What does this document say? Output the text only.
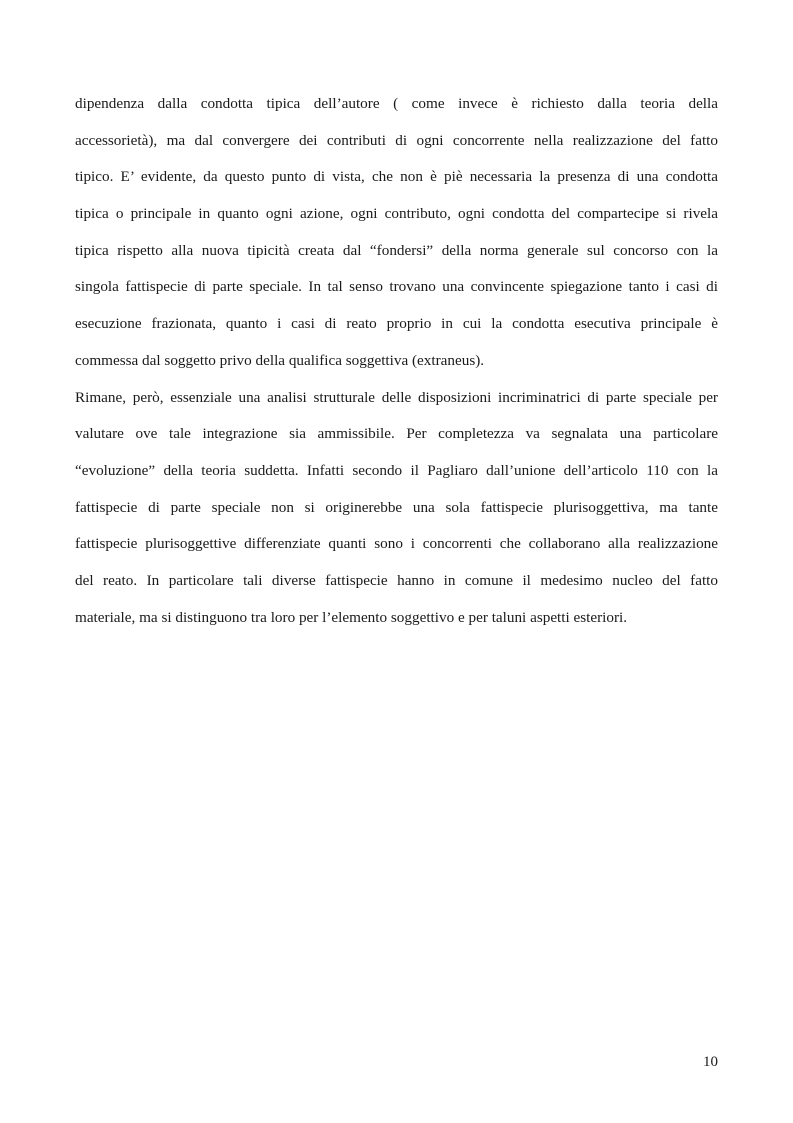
dipendenza dalla condotta tipica dell’autore ( come invece è richiesto dalla teoria della
accessorietà), ma dal convergere dei contributi di ogni concorrente nella realizzazione del fatto
tipico. E’ evidente, da questo punto di vista, che non è piè necessaria la presenza di una condotta
tipica o principale in quanto ogni azione, ogni contributo, ogni condotta del compartecipe si rivela
tipica rispetto alla nuova tipicità creata dal “fondersi” della norma generale sul concorso con la
singola fattispecie di parte speciale. In tal senso trovano una convincente spiegazione tanto i casi di
esecuzione frazionata, quanto i casi di reato proprio in cui la condotta esecutiva principale è
commessa dal soggetto privo della qualifica soggettiva (extraneus).
Rimane, però, essenziale una analisi strutturale delle disposizioni incriminatrici di parte speciale per
valutare ove tale integrazione sia ammissibile. Per completezza va segnalata una particolare
“evoluzione” della teoria suddetta. Infatti secondo il Pagliaro dall’unione dell’articolo 110 con la
fattispecie di parte speciale non si originerebbe una sola fattispecie plurisoggettiva, ma tante
fattispecie plurisoggettive differenziate quanti sono i concorrenti che collaborano alla realizzazione
del reato. In particolare tali diverse fattispecie hanno in comune il medesimo nucleo del fatto
materiale, ma si distinguono tra loro per l’elemento soggettivo e per taluni aspetti esteriori.
10
